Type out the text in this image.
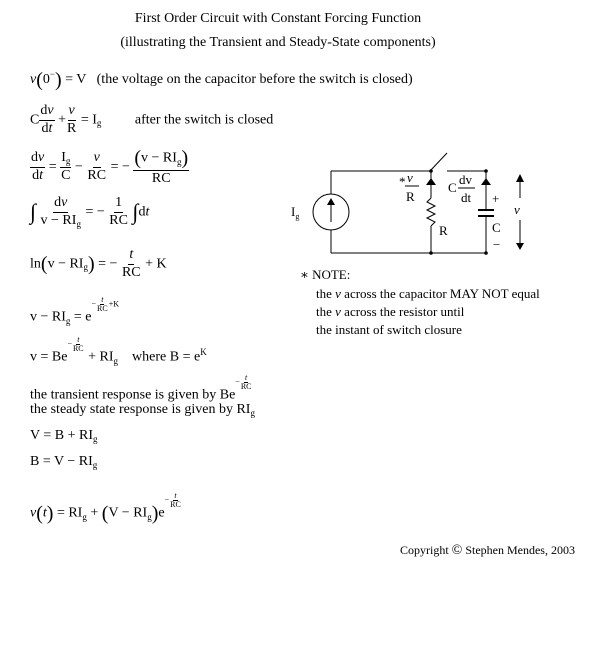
First Order Circuit with Constant Forcing Function
(illustrating the Transient and Steady-State components)
v(0−) = V (the voltage on the capacitor before the switch is closed)
C $\frac{dv}{dt} + \frac{v}{R} = I_g$ after the switch is closed
$\frac{dv}{dt} = \frac{I_g}{C} - \frac{v}{RC}$ = − $(v - RI_g)$
RC
∫ dv
$v - RI_g$
= − $\frac{1}{RC} \int dt$
$\ln(v - RI_g)$ = − $\frac{t}{RC} + K$
$v - RI_g = e- \frac{t}{RC} +K$
$v = Be- \frac{t}{RC}$
+ $RI_g$ where $B = e^K$
the transient response is given by $Be- \frac{t}{RC}$
the steady state response is given by $RI_g$
$V = B + RI_g$
$B = V - RI_g$
$v(t) = RI_g + (V - RI_g)e- \frac{t}{RC}$
$I_g$
* v
R
R
C
dv
dt +
C
−
v
∗ NOTE:
the v across the capacitor MAY NOT equal
the v across the resistor until
the instant of switch closure
Copyright © Stephen Mendes, 2003
